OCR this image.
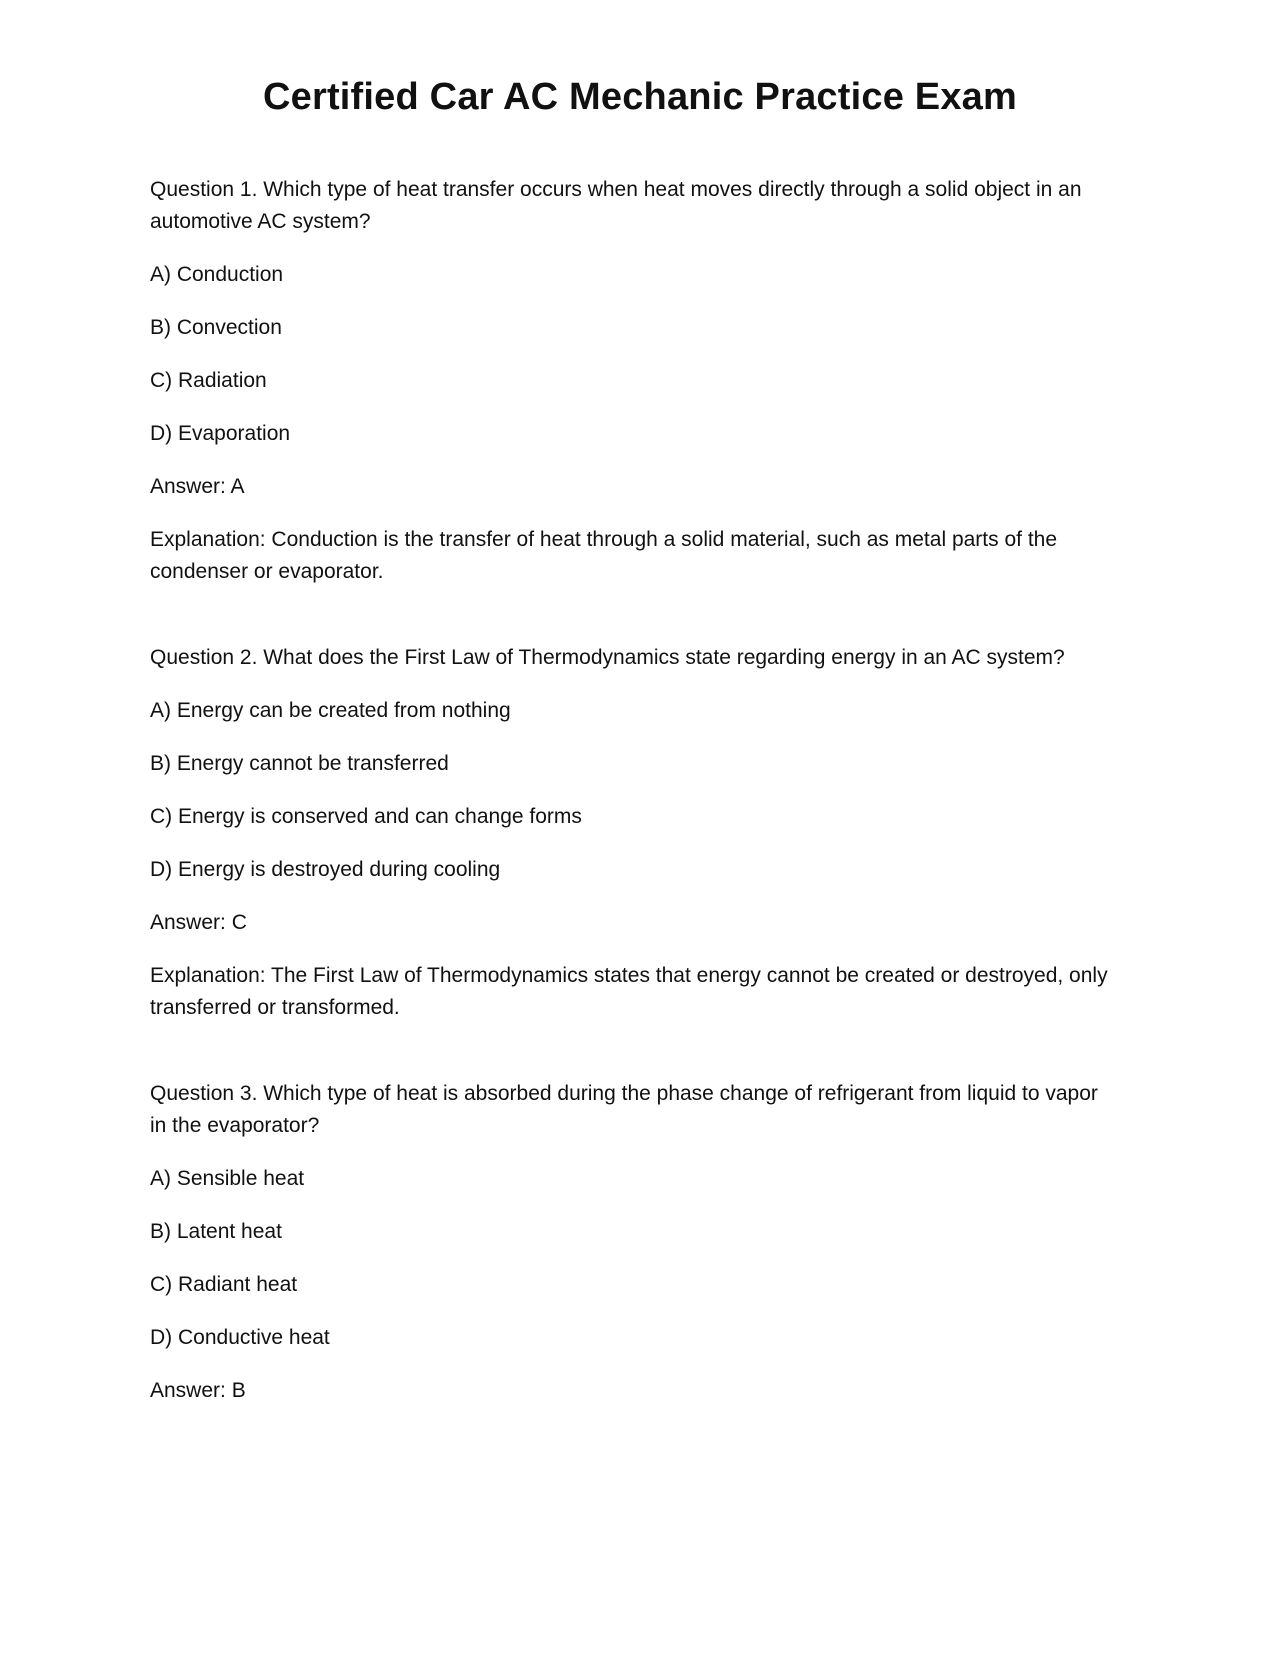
Certified Car AC Mechanic Practice Exam

Question 1. Which type of heat transfer occurs when heat moves directly through a solid object in an automotive AC system?

A) Conduction

B) Convection

C) Radiation

D) Evaporation

Answer: A

Explanation: Conduction is the transfer of heat through a solid material, such as metal parts of the condenser or evaporator.

Question 2. What does the First Law of Thermodynamics state regarding energy in an AC system?

A) Energy can be created from nothing

B) Energy cannot be transferred

C) Energy is conserved and can change forms

D) Energy is destroyed during cooling

Answer: C

Explanation: The First Law of Thermodynamics states that energy cannot be created or destroyed, only transferred or transformed.

Question 3. Which type of heat is absorbed during the phase change of refrigerant from liquid to vapor in the evaporator?

A) Sensible heat

B) Latent heat

C) Radiant heat

D) Conductive heat

Answer: B
